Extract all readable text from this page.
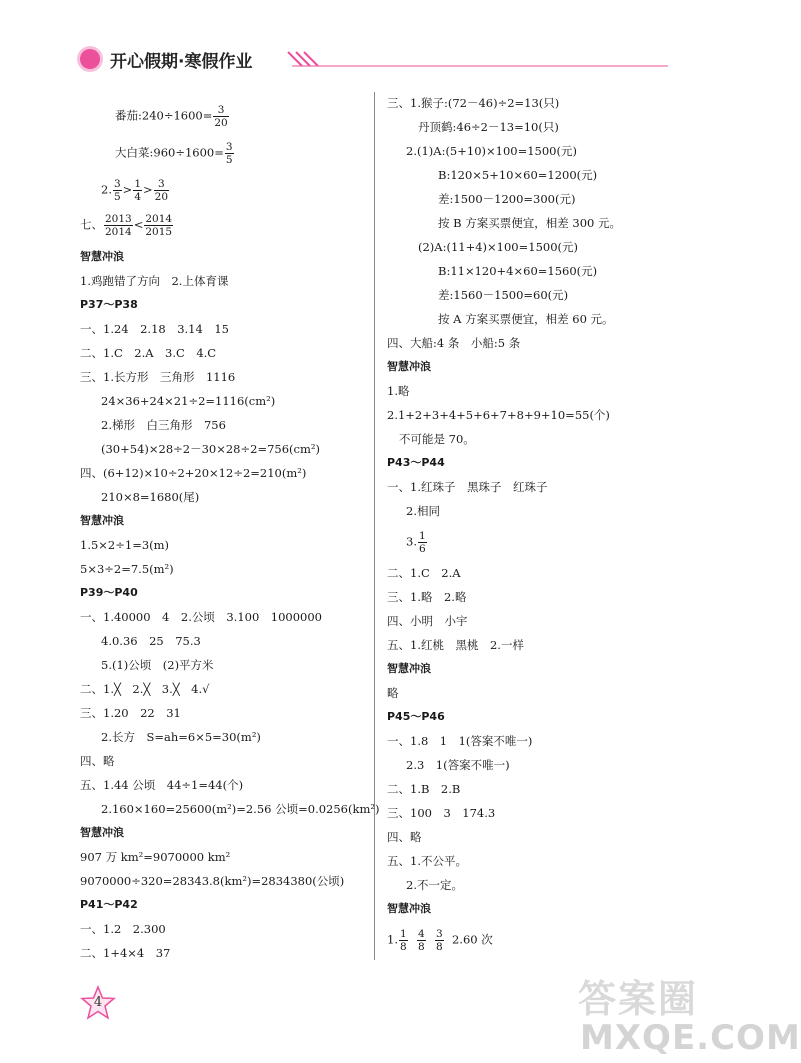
开心假期·寒假作业
番茄:240÷1600= $\frac{3}{20}$
大白菜:960÷1600= $\frac{3}{5}$
2. $\frac{3}{5} > \frac{1}{4} > \frac{3}{20}$
七、 $\frac{2013}{2014} < \frac{2014}{2015}$
智慧冲浪
1.鸡跑错了方向　2.上体育课
P37～P38
一、1.24　2.18　3.14　15
二、1.C　2.A　3.C　4.C
三、1.长方形　三角形　1116
24×36+24×21÷2=1116(cm²)
2.梯形　白三角形　756
(30+54)×28÷2－30×28÷2=756(cm²)
四、(6+12)×10÷2+20×12÷2=210(m²)
210×8=1680(尾)
智慧冲浪
1.5×2÷1=3(m)
5×3÷2=7.5(m²)
P39～P40
一、1.40000　4　2.公顷　3.100　1000000
4.0.36　25　75.3
5.(1)公顷　(2)平方米
二、1.╳　2.╳　3.╳　4.√
三、1.20　22　31
2.长方　S=ah=6×5=30(m²)
四、略
五、1.44 公顷　44÷1=44(个)
2.160×160=25600(m²)=2.56 公顷=0.0256(km²)
智慧冲浪
907 万 km²=9070000 km²
9070000÷320=28343.8(km²)=2834380(公顷)
P41～P42
一、1.2　2.300
二、1+4×4　37
三、1.猴子:(72－46)÷2=13(只)
丹顶鹤:46÷2－13=10(只)
2.(1)A:(5+10)×100=1500(元)
B:120×5+10×60=1200(元)
差:1500－1200=300(元)
按 B 方案买票便宜，相差 300 元。
(2)A:(11+4)×100=1500(元)
B:11×120+4×60=1560(元)
差:1560－1500=60(元)
按 A 方案买票便宜，相差 60 元。
四、大船:4 条　小船:5 条
智慧冲浪
1.略
2.1+2+3+4+5+6+7+8+9+10=55(个)
不可能是 70。
P43～P44
一、1.红珠子　黑珠子　红珠子
2.相同
3. $\frac{1}{6}$
二、1.C　2.A
三、1.略　2.略
四、小明　小宇
五、1.红桃　黑桃　2.一样
智慧冲浪
略
P45～P46
一、1.8　1　1(答案不唯一)
2.3　1(答案不唯一)
二、1.B　2.B
三、100　3　174.3
四、略
五、1.不公平。
2.不一定。
智慧冲浪
1. $\frac{1}{8}$
$\frac{4}{8}$
$\frac{3}{8} 2.60$ 次
4	答案圈
MXQE.COM
